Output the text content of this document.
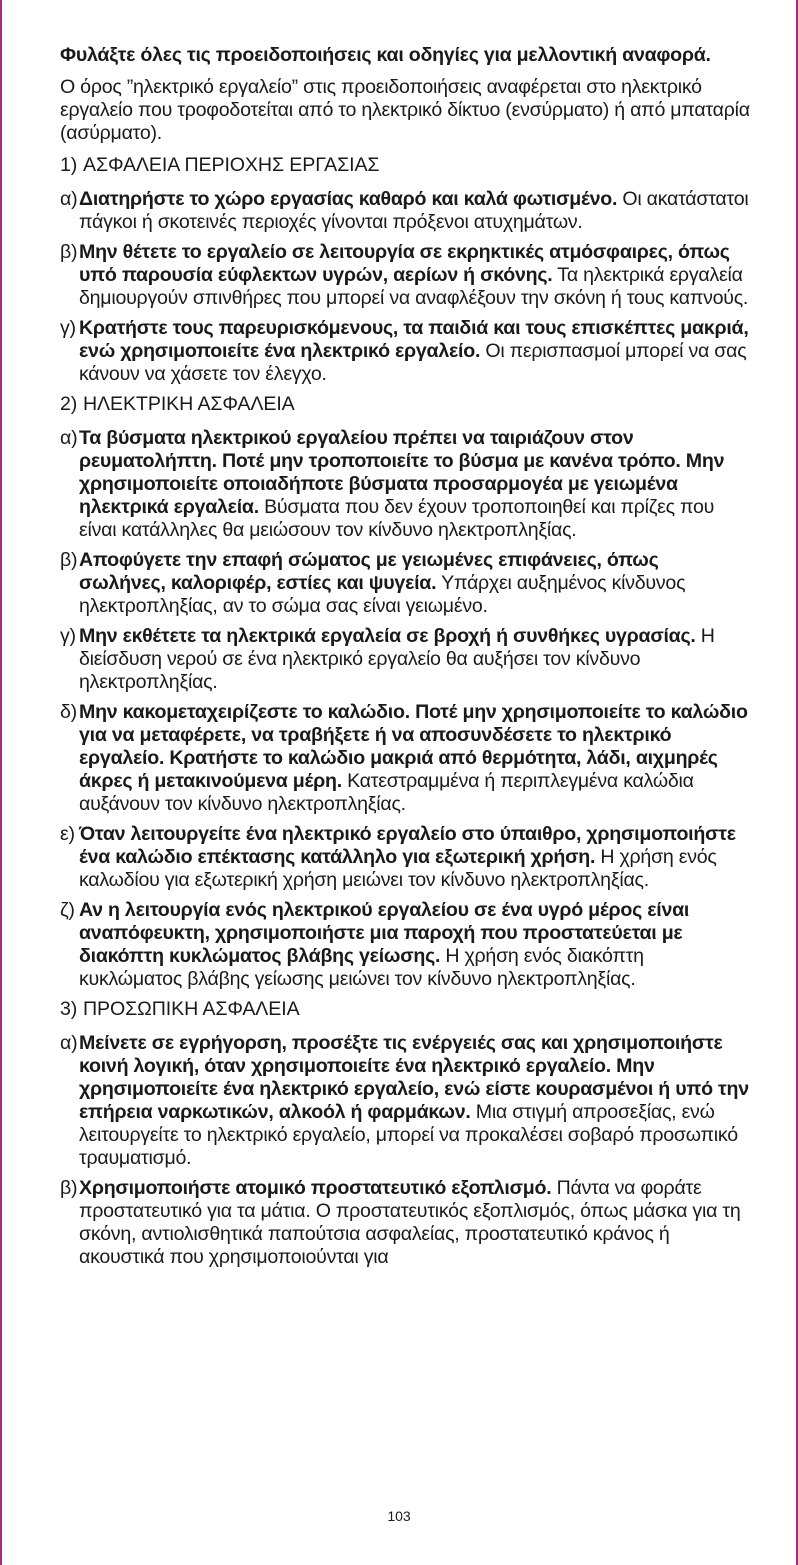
Φυλάξτε όλες τις προειδοποιήσεις και οδηγίες για μελλοντική αναφορά.

Ο όρος ”ηλεκτρικό εργαλείο” στις προειδοποιήσεις αναφέρεται στο ηλεκτρικό εργαλείο που τροφοδοτείται από το ηλεκτρικό δίκτυο (ενσύρματο) ή από μπαταρία (ασύρματο).

1) ΑΣΦΑΛΕΙΑ ΠΕΡΙΟΧΗΣ ΕΡΓΑΣΙΑΣ
α) Διατηρήστε το χώρο εργασίας καθαρό και καλά φωτισμένο. Οι ακατάστατοι πάγκοι ή σκοτεινές περιοχές γίνονται πρόξενοι ατυχημάτων.
β) Μην θέτετε το εργαλείο σε λειτουργία σε εκρηκτικές ατμόσφαιρες, όπως υπό παρουσία εύφλεκτων υγρών, αερίων ή σκόνης. Τα ηλεκτρικά εργαλεία δημιουργούν σπινθήρες που μπορεί να αναφλέξουν την σκόνη ή τους καπνούς.
γ) Κρατήστε τους παρευρισκόμενους, τα παιδιά και τους επισκέπτες μακριά, ενώ χρησιμοποιείτε ένα ηλεκτρικό εργαλείο. Οι περισπασμοί μπορεί να σας κάνουν να χάσετε τον έλεγχο.
2) ΗΛΕΚΤΡΙΚΗ ΑΣΦΑΛΕΙΑ
α) Τα βύσματα ηλεκτρικού εργαλείου πρέπει να ταιριάζουν στον ρευματολήπτη. Ποτέ μην τροποποιείτε το βύσμα με κανένα τρόπο. Μην χρησιμοποιείτε οποιαδήποτε βύσματα προσαρμογέα με γειωμένα ηλεκτρικά εργαλεία. Βύσματα που δεν έχουν τροποποιηθεί και πρίζες που είναι κατάλληλες θα μειώσουν τον κίνδυνο ηλεκτροπληξίας.
β) Αποφύγετε την επαφή σώματος με γειωμένες επιφάνειες, όπως σωλήνες, καλοριφέρ, εστίες και ψυγεία. Υπάρχει αυξημένος κίνδυνος ηλεκτροπληξίας, αν το σώμα σας είναι γειωμένο.
γ) Μην εκθέτετε τα ηλεκτρικά εργαλεία σε βροχή ή συνθήκες υγρασίας. Η διείσδυση νερού σε ένα ηλεκτρικό εργαλείο θα αυξήσει τον κίνδυνο ηλεκτροπληξίας.
δ) Μην κακομεταχειρίζεστε το καλώδιο. Ποτέ μην χρησιμοποιείτε το καλώδιο για να μεταφέρετε, να τραβήξετε ή να αποσυνδέσετε το ηλεκτρικό εργαλείο. Κρατήστε το καλώδιο μακριά από θερμότητα, λάδι, αιχμηρές άκρες ή μετακινούμενα μέρη. Κατεστραμμένα ή περιπλεγμένα καλώδια αυξάνουν τον κίνδυνο ηλεκτροπληξίας.
ε) Όταν λειτουργείτε ένα ηλεκτρικό εργαλείο στο ύπαιθρο, χρησιμοποιήστε ένα καλώδιο επέκτασης κατάλληλο για εξωτερική χρήση. Η χρήση ενός καλωδίου για εξωτερική χρήση μειώνει τον κίνδυνο ηλεκτροπληξίας.
ζ) Αν η λειτουργία ενός ηλεκτρικού εργαλείου σε ένα υγρό μέρος είναι αναπόφευκτη, χρησιμοποιήστε μια παροχή που προστατεύεται με διακόπτη κυκλώματος βλάβης γείωσης. Η χρήση ενός διακόπτη κυκλώματος βλάβης γείωσης μειώνει τον κίνδυνο ηλεκτροπληξίας.
3) ΠΡΟΣΩΠΙΚΗ ΑΣΦΑΛΕΙΑ
α) Μείνετε σε εγρήγορση, προσέξτε τις ενέργειές σας και χρησιμοποιήστε κοινή λογική, όταν χρησιμοποιείτε ένα ηλεκτρικό εργαλείο. Μην χρησιμοποιείτε ένα ηλεκτρικό εργαλείο, ενώ είστε κουρασμένοι ή υπό την επήρεια ναρκωτικών, αλκοόλ ή φαρμάκων. Μια στιγμή απροσεξίας, ενώ λειτουργείτε το ηλεκτρικό εργαλείο, μπορεί να προκαλέσει σοβαρό προσωπικό τραυματισμό.
β) Χρησιμοποιήστε ατομικό προστατευτικό εξοπλισμό. Πάντα να φοράτε προστατευτικό για τα μάτια. Ο προστατευτικός εξοπλισμός, όπως μάσκα για τη σκόνη, αντιολισθητικά παπούτσια ασφαλείας, προστατευτικό κράνος ή ακουστικά που χρησιμοποιούνται για
103
